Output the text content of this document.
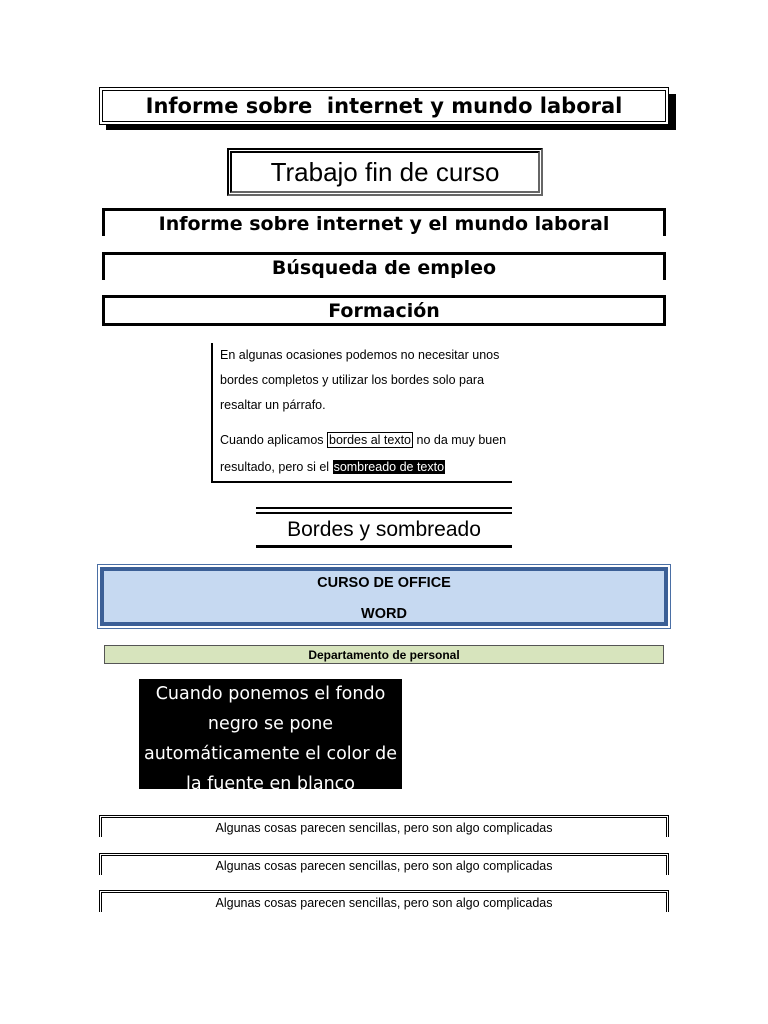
Informe sobre  internet y mundo laboral
Trabajo fin de curso
Informe sobre internet y el mundo laboral
Búsqueda de empleo
Formación

En algunas ocasiones podemos no necesitar unos bordes completos y utilizar los bordes solo para resaltar un párrafo.

Cuando aplicamos bordes al texto no da muy buen resultado, pero si el sombreado de texto

Bordes y sombreado
CURSO DE OFFICE
WORD
Departamento de personal
Cuando ponemos el fondo negro se pone automáticamente el color de la fuente en blanco
Algunas cosas parecen sencillas, pero son algo complicadas
Algunas cosas parecen sencillas, pero son algo complicadas
Algunas cosas parecen sencillas, pero son algo complicadas
